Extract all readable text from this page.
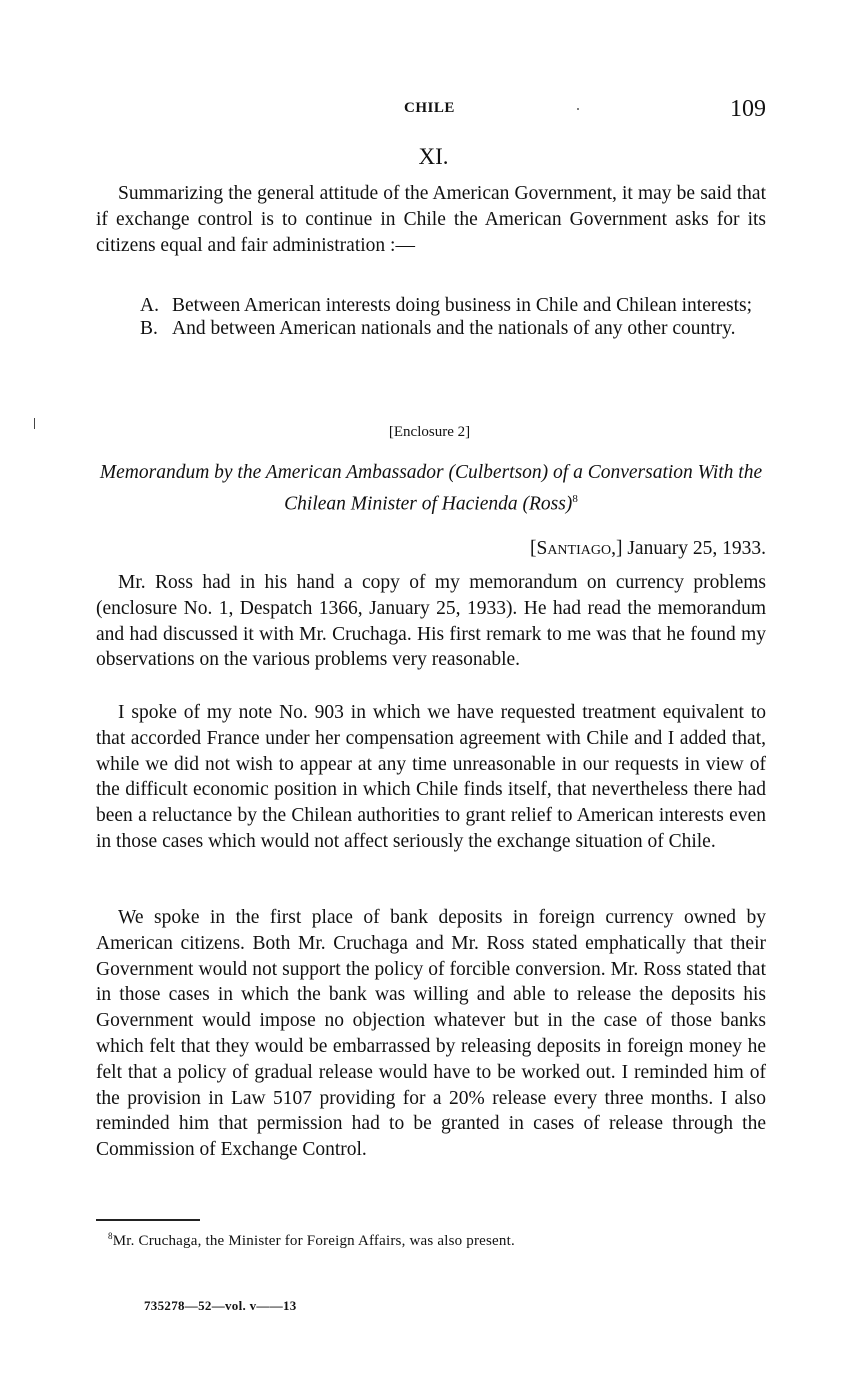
CHILE	109
XI.

Summarizing the general attitude of the American Government, it may be said that if exchange control is to continue in Chile the American Government asks for its citizens equal and fair administration :—

A. Between American interests doing business in Chile and Chilean interests;
B. And between American nationals and the nationals of any other country.
[Enclosure 2]
Memorandum by the American Ambassador (Culbertson) of a Conversation With the Chilean Minister of Hacienda (Ross)$^8$
[Santiago,] January 25, 1933.

Mr. Ross had in his hand a copy of my memorandum on currency problems (enclosure No. 1, Despatch 1366, January 25, 1933). He had read the memorandum and had discussed it with Mr. Cruchaga. His first remark to me was that he found my observations on the various problems very reasonable.

I spoke of my note No. 903 in which we have requested treatment equivalent to that accorded France under her compensation agreement with Chile and I added that, while we did not wish to appear at any time unreasonable in our requests in view of the difficult economic position in which Chile finds itself, that nevertheless there had been a reluctance by the Chilean authorities to grant relief to American interests even in those cases which would not affect seriously the exchange situation of Chile.

We spoke in the first place of bank deposits in foreign currency owned by American citizens. Both Mr. Cruchaga and Mr. Ross stated emphatically that their Government would not support the policy of forcible conversion. Mr. Ross stated that in those cases in which the bank was willing and able to release the deposits his Government would impose no objection whatever but in the case of those banks which felt that they would be embarrassed by releasing deposits in foreign money he felt that a policy of gradual release would have to be worked out. I reminded him of the provision in Law 5107 providing for a 20% release every three months. I also reminded him that permission had to be granted in cases of release through the Commission of Exchange Control.

$^8$Mr. Cruchaga, the Minister for Foreign Affairs, was also present.
735278—52—vol. v——13
